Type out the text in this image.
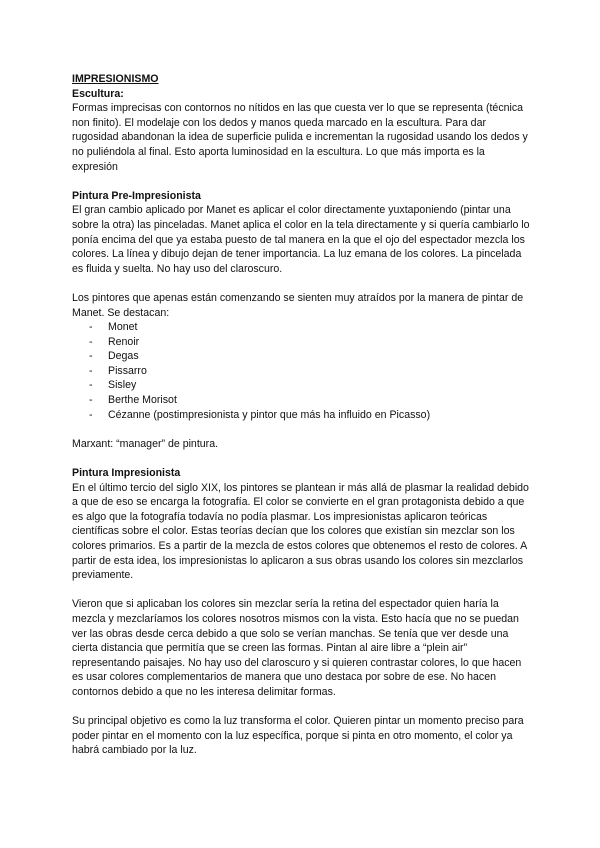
IMPRESIONISMO

Escultura:

Formas imprecisas con contornos no nítidos en las que cuesta ver lo que se representa (técnica non finito). El modelaje con los dedos y manos queda marcado en la escultura. Para dar rugosidad abandonan la idea de superficie pulida e incrementan la rugosidad usando los dedos y no puliéndola al final. Esto aporta luminosidad en la escultura. Lo que más importa es la expresión

Pintura Pre-Impresionista

El gran cambio aplicado por Manet es aplicar el color directamente yuxtaponiendo (pintar una sobre la otra) las pinceladas. Manet aplica el color en la tela directamente y si quería cambiarlo lo ponía encima del que ya estaba puesto de tal manera en la que el ojo del espectador mezcla los colores. La línea y dibujo dejan de tener importancia. La luz emana de los colores. La pincelada es fluida y suelta. No hay uso del claroscuro.

Los pintores que apenas están comenzando se sienten muy atraídos por la manera de pintar de Manet. Se destacan:

- Monet
- Renoir
- Degas
- Pissarro
- Sisley
- Berthe Morisot
- Cézanne (postimpresionista y pintor que más ha influido en Picasso)

Marxant: “manager” de pintura.

Pintura Impresionista

En el último tercio del siglo XIX, los pintores se plantean ir más allá de plasmar la realidad debido a que de eso se encarga la fotografía. El color se convierte en el gran protagonista debido a que es algo que la fotografía todavía no podía plasmar. Los impresionistas aplicaron teóricas científicas sobre el color. Estas teorías decían que los colores que existían sin mezclar son los colores primarios. Es a partir de la mezcla de estos colores que obtenemos el resto de colores. A partir de esta idea, los impresionistas lo aplicaron a sus obras usando los colores sin mezclarlos previamente.

Vieron que si aplicaban los colores sin mezclar sería la retina del espectador quien haría la mezcla y mezclaríamos los colores nosotros mismos con la vista. Esto hacía que no se puedan ver las obras desde cerca debido a que solo se verían manchas. Se tenía que ver desde una cierta distancia que permitía que se creen las formas. Pintan al aire libre a “plein air” representando paisajes. No hay uso del claroscuro y si quieren contrastar colores, lo que hacen es usar colores complementarios de manera que uno destaca por sobre de ese. No hacen contornos debido a que no les interesa delimitar formas.

Su principal objetivo es como la luz transforma el color. Quieren pintar un momento preciso para poder pintar en el momento con la luz específica, porque si pinta en otro momento, el color ya habrá cambiado por la luz.
